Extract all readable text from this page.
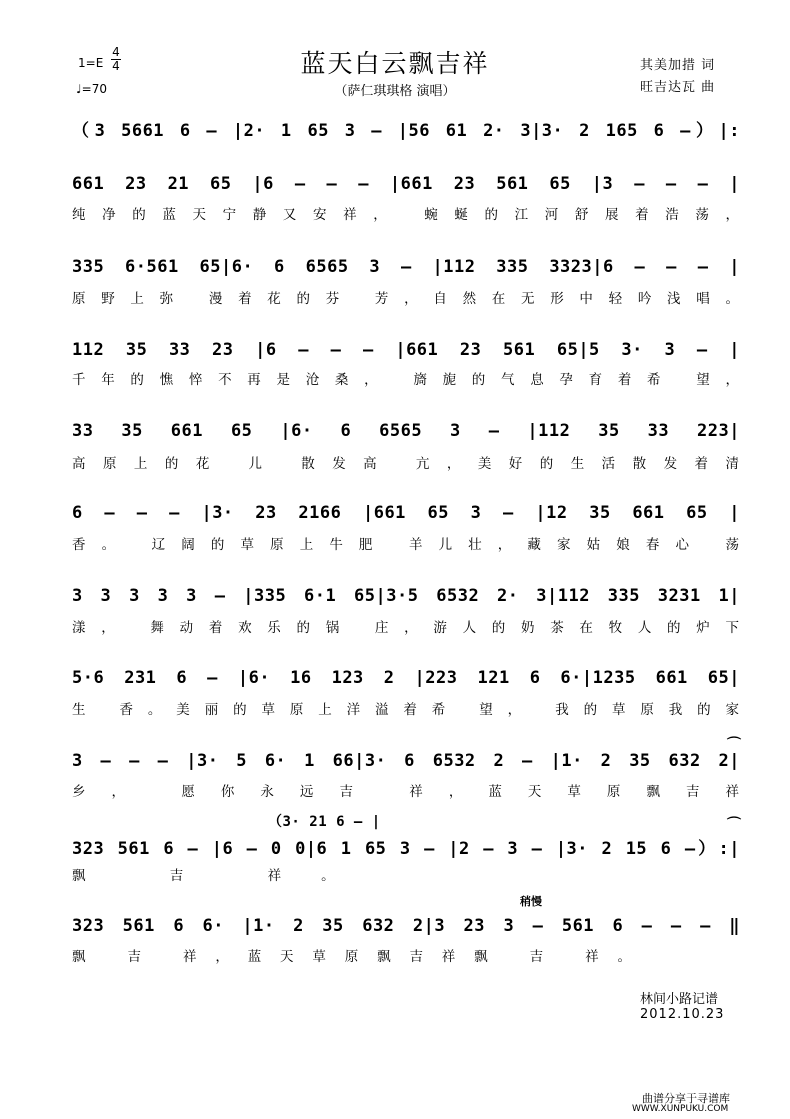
蓝天白云飘吉祥
（萨仁琪琪格 演唱）
1=E
4
4
♩=70
其美加措 词
旺吉达瓦 曲
（3 5661 6 – |2· 1 65 3 – |56 61 2· 3|3· 2 165 6 –）|:
661 23 21 65 |6 – – – |661 23 561 65 |3 – – – |
纯净的蓝天宁静又安祥， 蜿蜒的江河舒展着浩荡，
335 6·561 65|6· 6 6565 3 – |112 335 3323|6 – – – |
原野上弥 漫着花的芬 芳，自然在无形中轻吟浅唱。
112 35 33 23 |6 – – – |661 23 561 65|5 3· 3 – |
千年的憔悴不再是沧桑， 旖旎的气息孕育着希 望，
33 35 661 65 |6· 6 6565 3 – |112 35 33 223|
高原上的花 儿 散发高 亢，美好的生活散发着清
6 – – – |3· 23 2166 |661 65 3 – |12 35 661 65 |
香。 辽阔的草原上牛肥 羊儿壮，藏家姑娘春心 荡
3 3 3 3 3 – |335 6·1 65|3·5 6532 2· 3|112 335 3231 1|
漾， 舞动着欢乐的锅 庄，游人的奶茶在牧人的炉下
5·6 231 6 – |6· 16 123 2 |223 121 6 6·|1235 661 65|
生 香。美丽的草原上洋溢着希 望， 我的草原我的家
⌒
3 – – – |3· 5 6· 1 66|3· 6 6532 2 – |1· 2 35 632 2|
乡， 愿你永远吉 祥，蓝天草原飘吉祥
（3· 21 6 – |	⌒
323 561 6 – |6 – 0 0|6 1 65 3 – |2 – 3 – |3· 2 15 6 –）:|
飘 吉 祥。
稍慢
323 561 6 6· |1· 2 35 632 2|3 23 3 – 561 6 – – – ‖
飘 吉 祥，蓝天草原飘吉祥飘 吉 祥。
林间小路记谱
2012.10.23
曲谱分享于寻谱库
WWW.XUNPUKU.COM
